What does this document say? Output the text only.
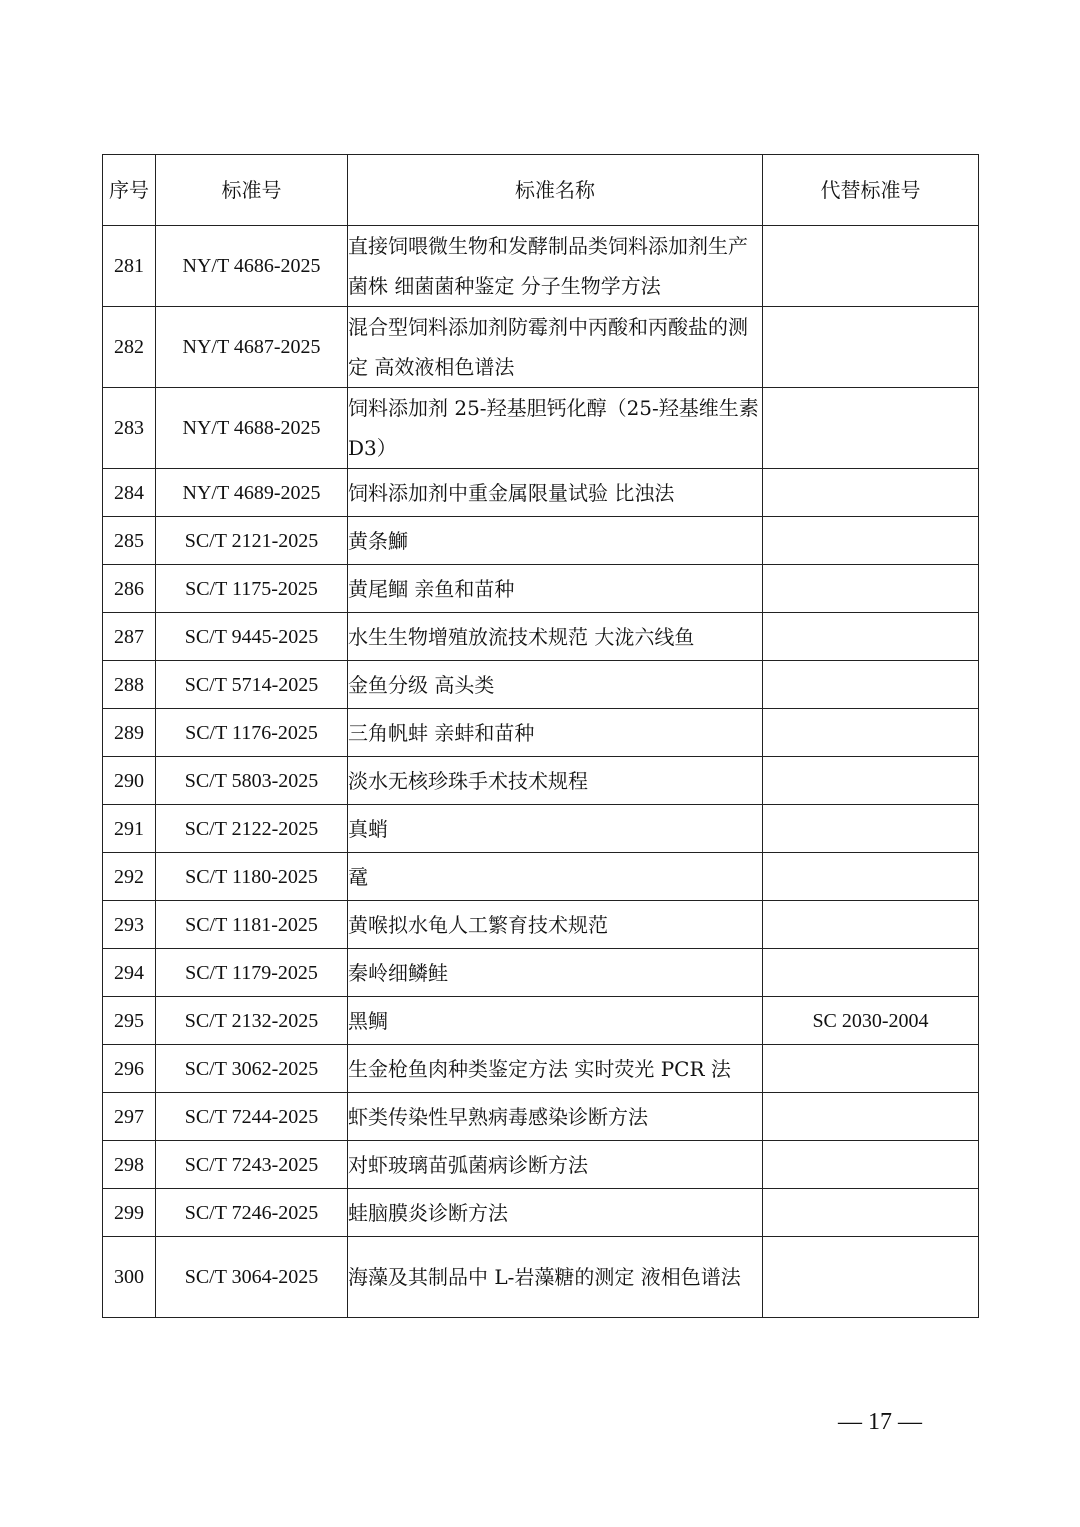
序号	标准号	标准名称	代替标准号
281	NY/T 4686-2025	直接饲喂微生物和发酵制品类饲料添加剂生产菌株 细菌菌种鉴定 分子生物学方法	
282	NY/T 4687-2025	混合型饲料添加剂防霉剂中丙酸和丙酸盐的测定 高效液相色谱法	
283	NY/T 4688-2025	饲料添加剂 25-羟基胆钙化醇（25-羟基维生素 D3）	
284	NY/T 4689-2025	饲料添加剂中重金属限量试验 比浊法	
285	SC/T 2121-2025	黄条鰤	
286	SC/T 1175-2025	黄尾鲴 亲鱼和苗种	
287	SC/T 9445-2025	水生生物增殖放流技术规范 大泷六线鱼	
288	SC/T 5714-2025	金鱼分级 高头类	
289	SC/T 1176-2025	三角帆蚌 亲蚌和苗种	
290	SC/T 5803-2025	淡水无核珍珠手术技术规程	
291	SC/T 2122-2025	真蛸	
292	SC/T 1180-2025	鼋	
293	SC/T 1181-2025	黄喉拟水龟人工繁育技术规范	
294	SC/T 1179-2025	秦岭细鳞鲑	
295	SC/T 2132-2025	黑鲷	SC 2030-2004
296	SC/T 3062-2025	生金枪鱼肉种类鉴定方法 实时荧光 PCR 法	
297	SC/T 7244-2025	虾类传染性早熟病毒感染诊断方法	
298	SC/T 7243-2025	对虾玻璃苗弧菌病诊断方法	
299	SC/T 7246-2025	蛙脑膜炎诊断方法	
300	SC/T 3064-2025	海藻及其制品中 L-岩藻糖的测定 液相色谱法	
— 17 —
